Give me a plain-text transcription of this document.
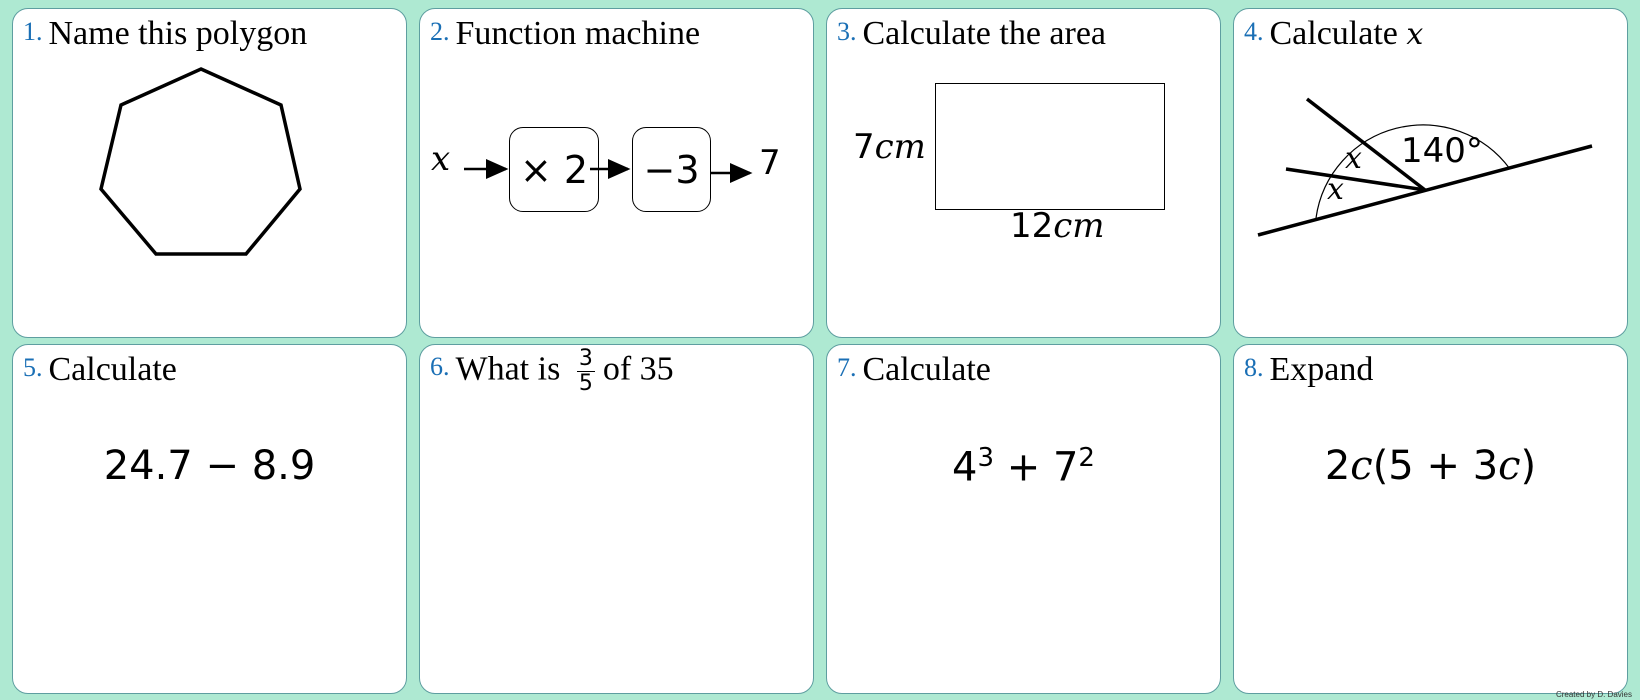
1. Name this polygon	2. Function machine
x × 2	−3	7
3. Calculate the area
7cm
12cm
4. Calculate x
140°
x
x
5. Calculate
24.7 − 8.9
6. What is $\frac{3}{5}$ of 35	7. Calculate
$4^3 + 7^2$
8. Expand
2c(5 + 3c)
Created by D. Davies
